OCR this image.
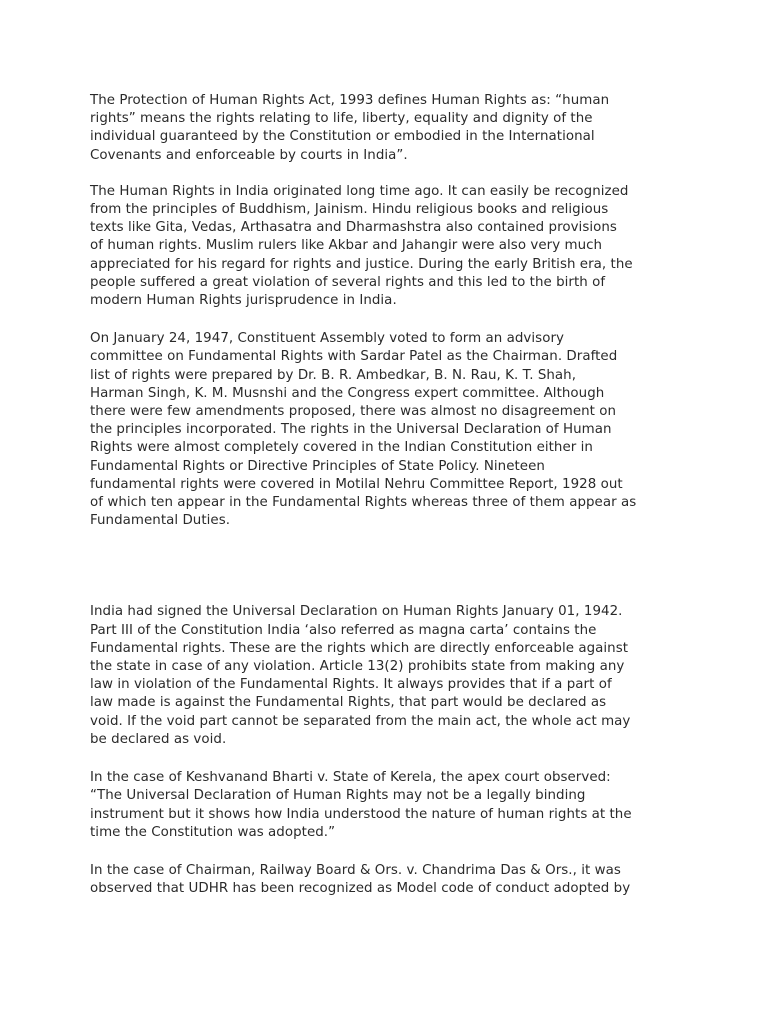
The Protection of Human Rights Act, 1993 defines Human Rights as: “human
rights” means the rights relating to life, liberty, equality and dignity of the
individual guaranteed by the Constitution or embodied in the International
Covenants and enforceable by courts in India”.

The Human Rights in India originated long time ago. It can easily be recognized
from the principles of Buddhism, Jainism. Hindu religious books and religious
texts like Gita, Vedas, Arthasatra and Dharmashstra also contained provisions
of human rights. Muslim rulers like Akbar and Jahangir were also very much
appreciated for his regard for rights and justice. During the early British era, the
people suffered a great violation of several rights and this led to the birth of
modern Human Rights jurisprudence in India.

On January 24, 1947, Constituent Assembly voted to form an advisory
committee on Fundamental Rights with Sardar Patel as the Chairman. Drafted
list of rights were prepared by Dr. B. R. Ambedkar, B. N. Rau, K. T. Shah,
Harman Singh, K. M. Musnshi and the Congress expert committee. Although
there were few amendments proposed, there was almost no disagreement on
the principles incorporated. The rights in the Universal Declaration of Human
Rights were almost completely covered in the Indian Constitution either in
Fundamental Rights or Directive Principles of State Policy. Nineteen
fundamental rights were covered in Motilal Nehru Committee Report, 1928 out
of which ten appear in the Fundamental Rights whereas three of them appear as
Fundamental Duties.

India had signed the Universal Declaration on Human Rights January 01, 1942.
Part III of the Constitution India ‘also referred as magna carta’ contains the
Fundamental rights. These are the rights which are directly enforceable against
the state in case of any violation. Article 13(2) prohibits state from making any
law in violation of the Fundamental Rights. It always provides that if a part of
law made is against the Fundamental Rights, that part would be declared as
void. If the void part cannot be separated from the main act, the whole act may
be declared as void.

In the case of Keshvanand Bharti v. State of Kerela, the apex court observed:
“The Universal Declaration of Human Rights may not be a legally binding
instrument but it shows how India understood the nature of human rights at the
time the Constitution was adopted.”

In the case of Chairman, Railway Board & Ors. v. Chandrima Das & Ors., it was
observed that UDHR has been recognized as Model code of conduct adopted by
